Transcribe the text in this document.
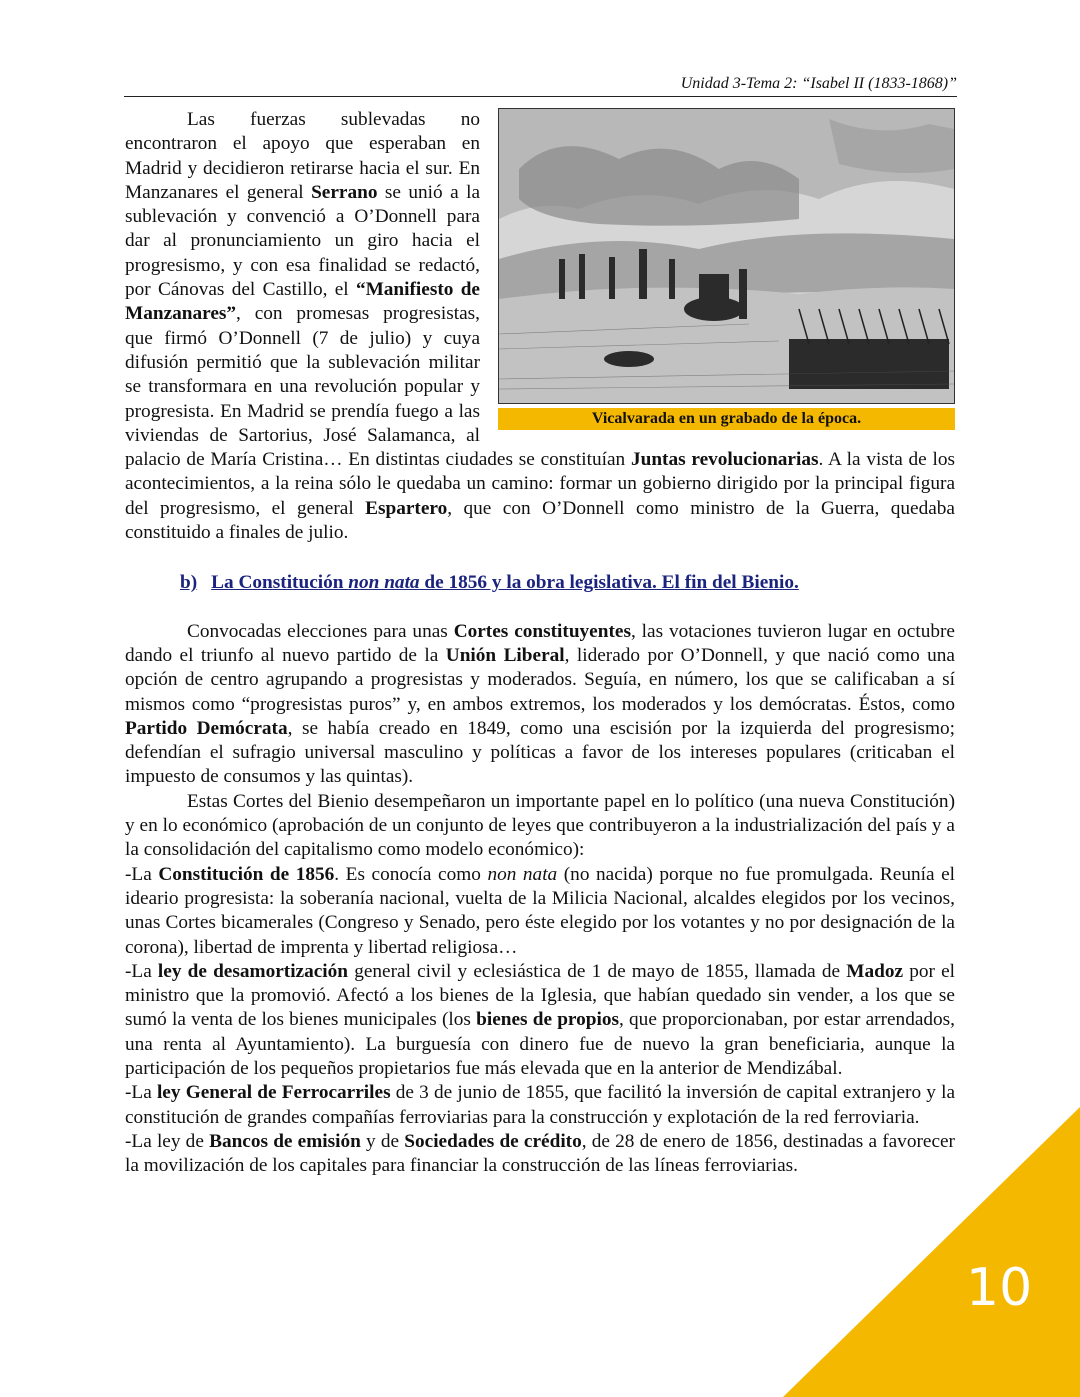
Unidad 3-Tema 2: “Isabel II (1833-1868)”
Vicalvarada en un grabado de la época.

Las fuerzas sublevadas no encontraron el apoyo que esperaban en Madrid y decidieron retirarse hacia el sur. En Manzanares el general Serrano se unió a la sublevación y convenció a O’Donnell para dar al pronunciamiento un giro hacia el progresismo, y con esa finalidad se redactó, por Cánovas del Castillo, el “Manifiesto de Manzanares”, con promesas progresistas, que firmó O’Donnell (7 de julio) y cuya difusión permitió que la sublevación militar se transformara en una revolución popular y progresista. En Madrid se prendía fuego a las viviendas de Sartorius, José Salamanca, al palacio de María Cristina… En distintas ciudades se constituían Juntas revolucionarias. A la vista de los acontecimientos, a la reina sólo le quedaba un camino: formar un gobierno dirigido por la principal figura del progresismo, el general Espartero, que con O’Donnell como ministro de la Guerra, quedaba constituido a finales de julio.

b) La Constitución non nata de 1856 y la obra legislativa. El fin del Bienio.

Convocadas elecciones para unas Cortes constituyentes, las votaciones tuvieron lugar en octubre dando el triunfo al nuevo partido de la Unión Liberal, liderado por O’Donnell, y que nació como una opción de centro agrupando a progresistas y moderados. Seguía, en número, los que se calificaban a sí mismos como “progresistas puros” y, en ambos extremos, los moderados y los demócratas. Éstos, como Partido Demócrata, se había creado en 1849, como una escisión por la izquierda del progresismo; defendían el sufragio universal masculino y políticas a favor de los intereses populares (criticaban el impuesto de consumos y las quintas).

Estas Cortes del Bienio desempeñaron un importante papel en lo político (una nueva Constitución) y en lo económico (aprobación de un conjunto de leyes que contribuyeron a la industrialización del país y a la consolidación del capitalismo como modelo económico):

-La Constitución de 1856. Es conocía como non nata (no nacida) porque no fue promulgada. Reunía el ideario progresista: la soberanía nacional, vuelta de la Milicia Nacional, alcaldes elegidos por los vecinos, unas Cortes bicamerales (Congreso y Senado, pero éste elegido por los votantes y no por designación de la corona), libertad de imprenta y libertad religiosa…

-La ley de desamortización general civil y eclesiástica de 1 de mayo de 1855, llamada de Madoz por el ministro que la promovió. Afectó a los bienes de la Iglesia, que habían quedado sin vender, a los que se sumó la venta de los bienes municipales (los bienes de propios, que proporcionaban, por estar arrendados, una renta al Ayuntamiento). La burguesía con dinero fue de nuevo la gran beneficiaria, aunque la participación de los pequeños propietarios fue más elevada que en la anterior de Mendizábal.

-La ley General de Ferrocarriles de 3 de junio de 1855, que facilitó la inversión de capital extranjero y la constitución de grandes compañías ferroviarias para la construcción y explotación de la red ferroviaria.

-La ley de Bancos de emisión y de Sociedades de crédito, de 28 de enero de 1856, destinadas a favorecer la movilización de los capitales para financiar la construcción de las líneas ferroviarias.

10
